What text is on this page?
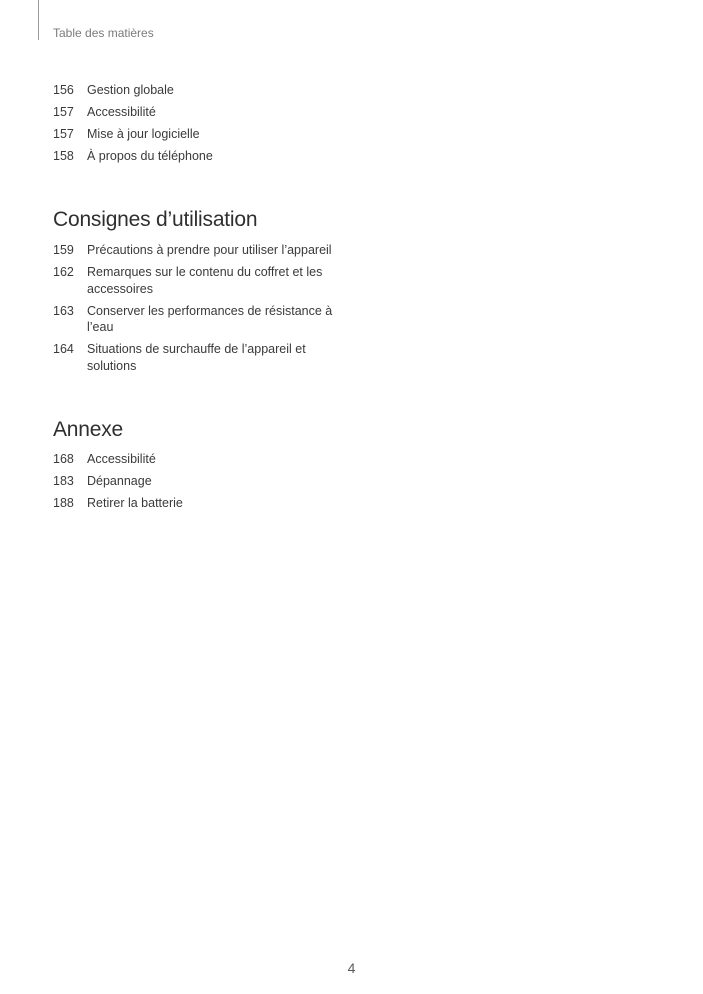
Table des matières
156	Gestion globale
157	Accessibilité
157	Mise à jour logicielle
158	À propos du téléphone
Consignes d’utilisation
159	Précautions à prendre pour utiliser l’appareil
162	Remarques sur le contenu du coffret et les accessoires
163	Conserver les performances de résistance à l’eau
164	Situations de surchauffe de l’appareil et solutions
Annexe
168	Accessibilité
183	Dépannage
188	Retirer la batterie
4
